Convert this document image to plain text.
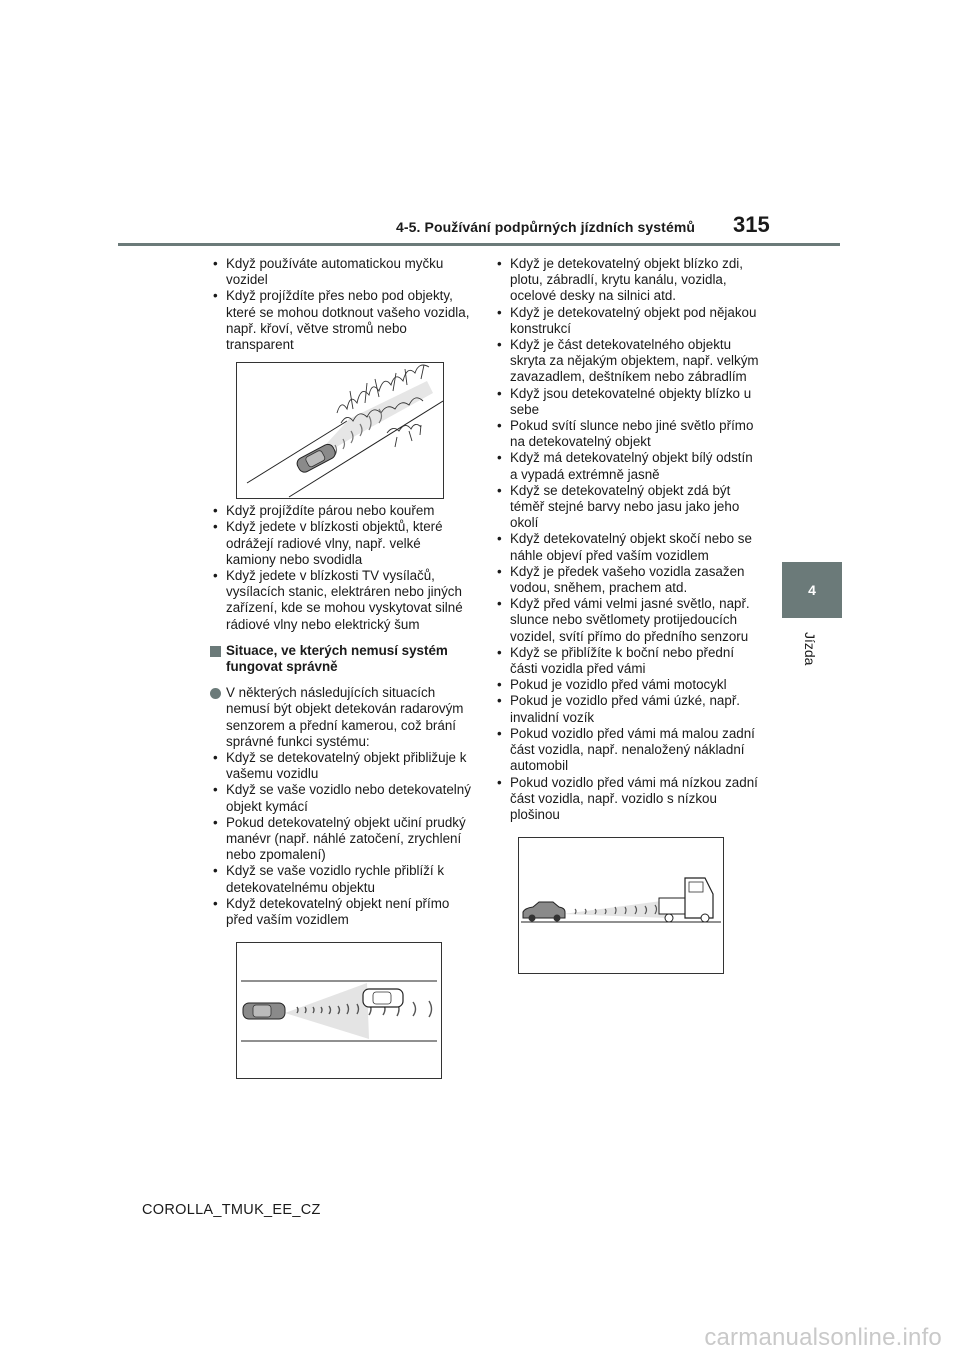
4-5. Používání podpůrných jízdních systémů 315
4
Jízda
• Když používáte automatickou myčku vozidel
• Když projíždíte přes nebo pod objekty, které se mohou dotknout vašeho vozidla, např. křoví, větve stromů nebo transparent
• Když projíždíte párou nebo kouřem
• Když jedete v blízkosti objektů, které odrážejí radiové vlny, např. velké kamiony nebo svodidla
• Když jedete v blízkosti TV vysílačů, vysílacích stanic, elektráren nebo jiných zařízení, kde se mohou vyskytovat silné rádiové vlny nebo elektrický šum
Situace, ve kterých nemusí systém fungovat správně
V některých následujících situacích nemusí být objekt detekován radarovým senzorem a přední kamerou, což brání správné funkci systému:
• Když se detekovatelný objekt přibližuje k vašemu vozidlu
• Když se vaše vozidlo nebo detekovatelný objekt kymácí
• Pokud detekovatelný objekt učiní prudký manévr (např. náhlé zatočení, zrychlení nebo zpomalení)
• Když se vaše vozidlo rychle přiblíží k detekovatelnému objektu
• Když detekovatelný objekt není přímo před vaším vozidlem
• Když je detekovatelný objekt blízko zdi, plotu, zábradlí, krytu kanálu, vozidla, ocelové desky na silnici atd.
• Když je detekovatelný objekt pod nějakou konstrukcí
• Když je část detekovatelného objektu skryta za nějakým objektem, např. velkým zavazadlem, deštníkem nebo zábradlím
• Když jsou detekovatelné objekty blízko u sebe
• Pokud svítí slunce nebo jiné světlo přímo na detekovatelný objekt
• Když má detekovatelný objekt bílý odstín a vypadá extrémně jasně
• Když se detekovatelný objekt zdá být téměř stejné barvy nebo jasu jako jeho okolí
• Když detekovatelný objekt skočí nebo se náhle objeví před vaším vozidlem
• Když je předek vašeho vozidla zasažen vodou, sněhem, prachem atd.
• Když před vámi velmi jasné světlo, např. slunce nebo světlomety protijedoucích vozidel, svítí přímo do předního senzoru
• Když se přiblížíte k boční nebo přední části vozidla před vámi
• Pokud je vozidlo před vámi motocykl
• Pokud je vozidlo před vámi úzké, např. invalidní vozík
• Pokud vozidlo před vámi má malou zadní část vozidla, např. nenaložený nákladní automobil
• Pokud vozidlo před vámi má nízkou zadní část vozidla, např. vozidlo s nízkou plošinou
COROLLA_TMUK_EE_CZ
carmanualsonline.info
